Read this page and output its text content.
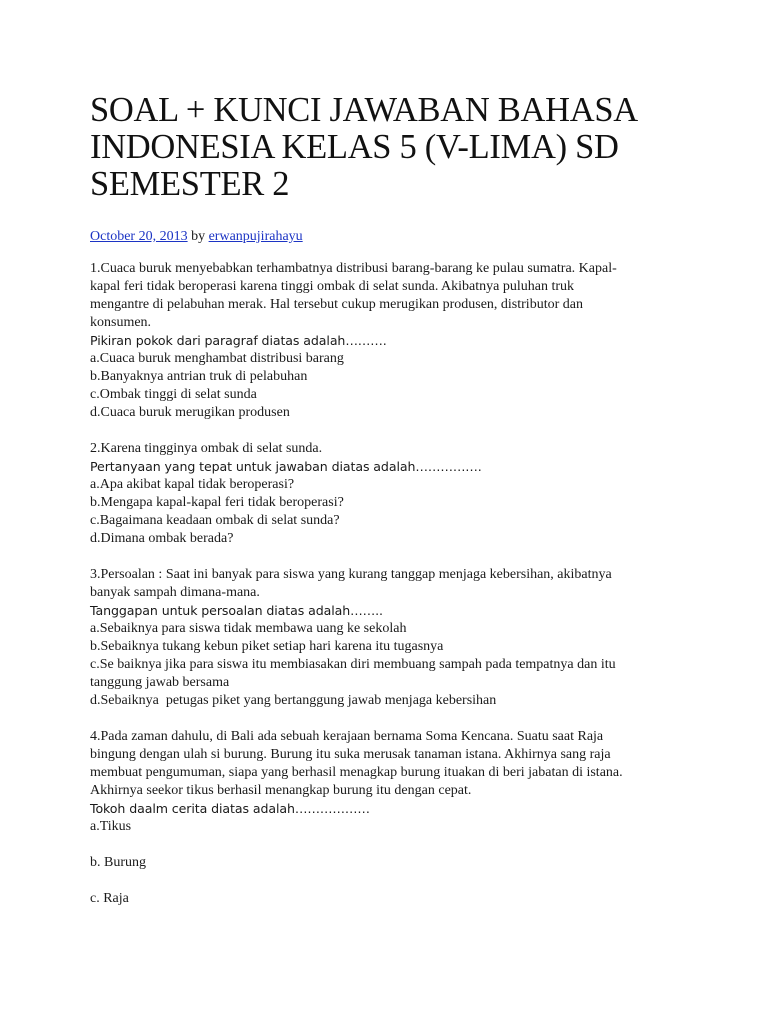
SOAL + KUNCI JAWABAN BAHASA INDONESIA KELAS 5 (V-LIMA) SD SEMESTER 2
October 20, 2013 by erwanpujirahayu
1.Cuaca buruk menyebabkan terhambatnya distribusi barang-barang ke pulau sumatra. Kapal-
kapal feri tidak beroperasi karena tinggi ombak di selat sunda. Akibatnya puluhan truk
mengantre di pelabuhan merak. Hal tersebut cukup merugikan produsen, distributor dan
konsumen.
Pikiran pokok dari paragraf diatas adalah……….
a.Cuaca buruk menghambat distribusi barang
b.Banyaknya antrian truk di pelabuhan
c.Ombak tinggi di selat sunda
d.Cuaca buruk merugikan produsen
2.Karena tingginya ombak di selat sunda.
Pertanyaan yang tepat untuk jawaban diatas adalah…………….
a.Apa akibat kapal tidak beroperasi?
b.Mengapa kapal-kapal feri tidak beroperasi?
c.Bagaimana keadaan ombak di selat sunda?
d.Dimana ombak berada?
3.Persoalan : Saat ini banyak para siswa yang kurang tanggap menjaga kebersihan, akibatnya
banyak sampah dimana-mana.
Tanggapan untuk persoalan diatas adalah……..
a.Sebaiknya para siswa tidak membawa uang ke sekolah
b.Sebaiknya tukang kebun piket setiap hari karena itu tugasnya
c.Se baiknya jika para siswa itu membiasakan diri membuang sampah pada tempatnya dan itu
tanggung jawab bersama
d.Sebaiknya  petugas piket yang bertanggung jawab menjaga kebersihan
4.Pada zaman dahulu, di Bali ada sebuah kerajaan bernama Soma Kencana. Suatu saat Raja
bingung dengan ulah si burung. Burung itu suka merusak tanaman istana. Akhirnya sang raja
membuat pengumuman, siapa yang berhasil menagkap burung ituakan di beri jabatan di istana.
Akhirnya seekor tikus berhasil menangkap burung itu dengan cepat.
Tokoh daalm cerita diatas adalah………………
a.Tikus
b. Burung
c. Raja
